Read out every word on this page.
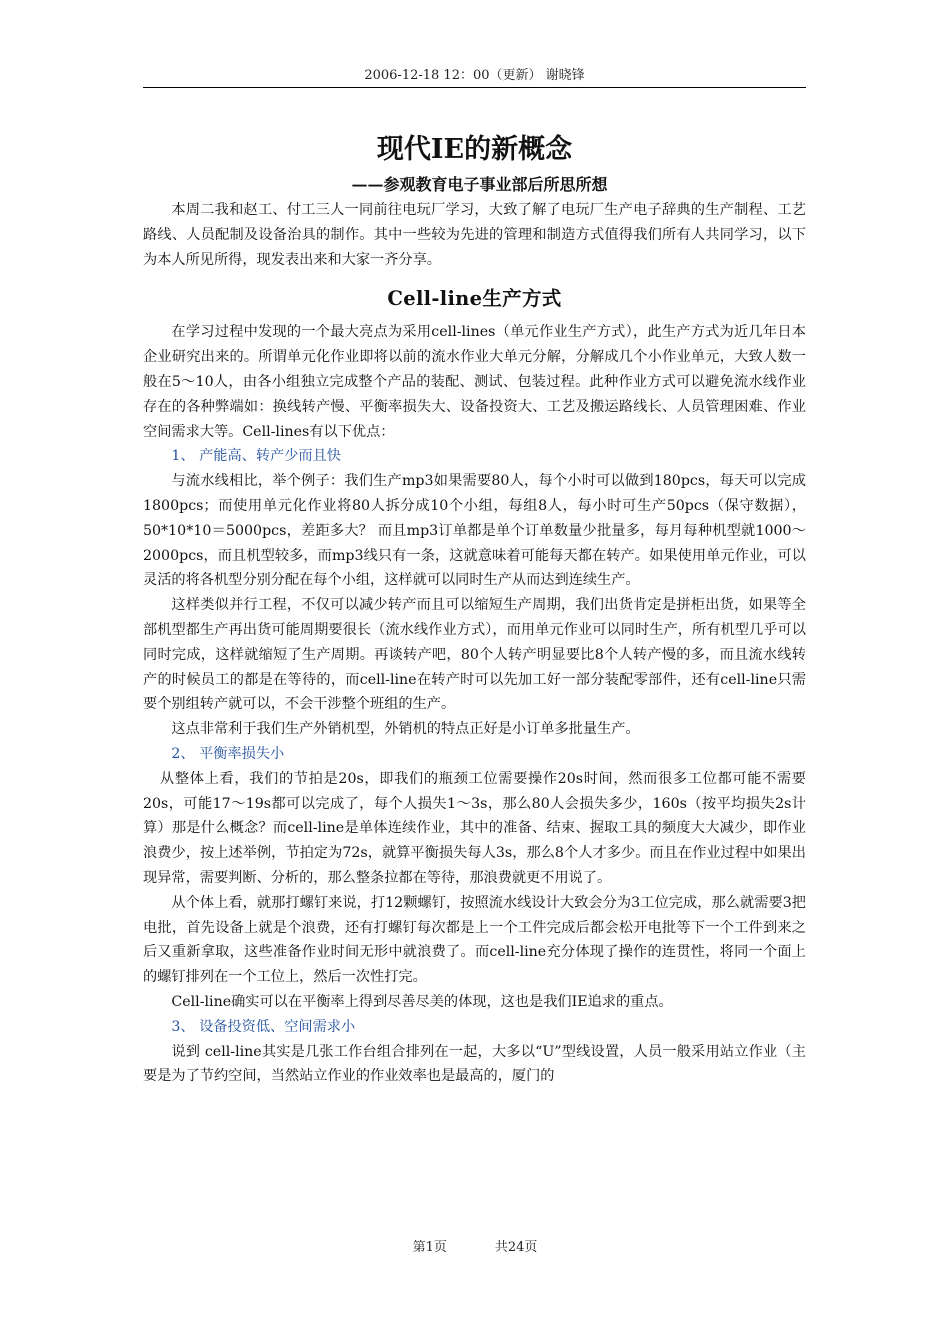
2006-12-18 12：00（更新） 谢晓锋
现代IE的新概念
——参观教育电子事业部后所思所想

本周二我和赵工、付工三人一同前往电玩厂学习，大致了解了电玩厂生产电子辞典的生产制程、工艺路线、人员配制及设备治具的制作。其中一些较为先进的管理和制造方式值得我们所有人共同学习，以下为本人所见所得，现发表出来和大家一齐分享。

Cell-line生产方式

在学习过程中发现的一个最大亮点为采用cell-lines（单元作业生产方式），此生产方式为近几年日本企业研究出来的。所谓单元化作业即将以前的流水作业大单元分解，分解成几个小作业单元，大致人数一般在5～10人，由各小组独立完成整个产品的装配、测试、包装过程。此种作业方式可以避免流水线作业存在的各种弊端如：换线转产慢、平衡率损失大、设备投资大、工艺及搬运路线长、人员管理困难、作业空间需求大等。Cell-lines有以下优点：

1、 产能高、转产少而且快

与流水线相比，举个例子：我们生产mp3如果需要80人，每个小时可以做到180pcs，每天可以完成1800pcs；而使用单元化作业将80人拆分成10个小组，每组8人，每小时可生产50pcs（保守数据），50*10*10＝5000pcs，差距多大？ 而且mp3订单都是单个订单数量少批量多，每月每种机型就1000～2000pcs，而且机型较多，而mp3线只有一条，这就意味着可能每天都在转产。如果使用单元作业，可以灵活的将各机型分别分配在每个小组，这样就可以同时生产从而达到连续生产。

这样类似并行工程，不仅可以减少转产而且可以缩短生产周期，我们出货肯定是拼柜出货，如果等全部机型都生产再出货可能周期要很长（流水线作业方式），而用单元作业可以同时生产，所有机型几乎可以同时完成，这样就缩短了生产周期。再谈转产吧，80个人转产明显要比8个人转产慢的多，而且流水线转产的时候员工的都是在等待的，而cell-line在转产时可以先加工好一部分装配零部件，还有cell-line只需要个别组转产就可以，不会干涉整个班组的生产。

这点非常利于我们生产外销机型，外销机的特点正好是小订单多批量生产。

2、 平衡率损失小

从整体上看，我们的节拍是20s，即我们的瓶颈工位需要操作20s时间，然而很多工位都可能不需要20s，可能17～19s都可以完成了，每个人损失1～3s，那么80人会损失多少，160s（按平均损失2s计算）那是什么概念？而cell-line是单体连续作业，其中的准备、结束、握取工具的频度大大减少，即作业浪费少，按上述举例，节拍定为72s，就算平衡损失每人3s，那么8个人才多少。而且在作业过程中如果出现异常，需要判断、分析的，那么整条拉都在等待，那浪费就更不用说了。

从个体上看，就那打螺钉来说，打12颗螺钉，按照流水线设计大致会分为3工位完成，那么就需要3把电批，首先设备上就是个浪费，还有打螺钉每次都是上一个工件完成后都会松开电批等下一个工件到来之后又重新拿取，这些准备作业时间无形中就浪费了。而cell-line充分体现了操作的连贯性，将同一个面上的螺钉排列在一个工位上，然后一次性打完。

Cell-line确实可以在平衡率上得到尽善尽美的体现，这也是我们IE追求的重点。

3、 设备投资低、空间需求小

说到 cell-line其实是几张工作台组合排列在一起，大多以“U”型线设置，人员一般采用站立作业（主要是为了节约空间，当然站立作业的作业效率也是最高的，厦门的

第1页	共24页
